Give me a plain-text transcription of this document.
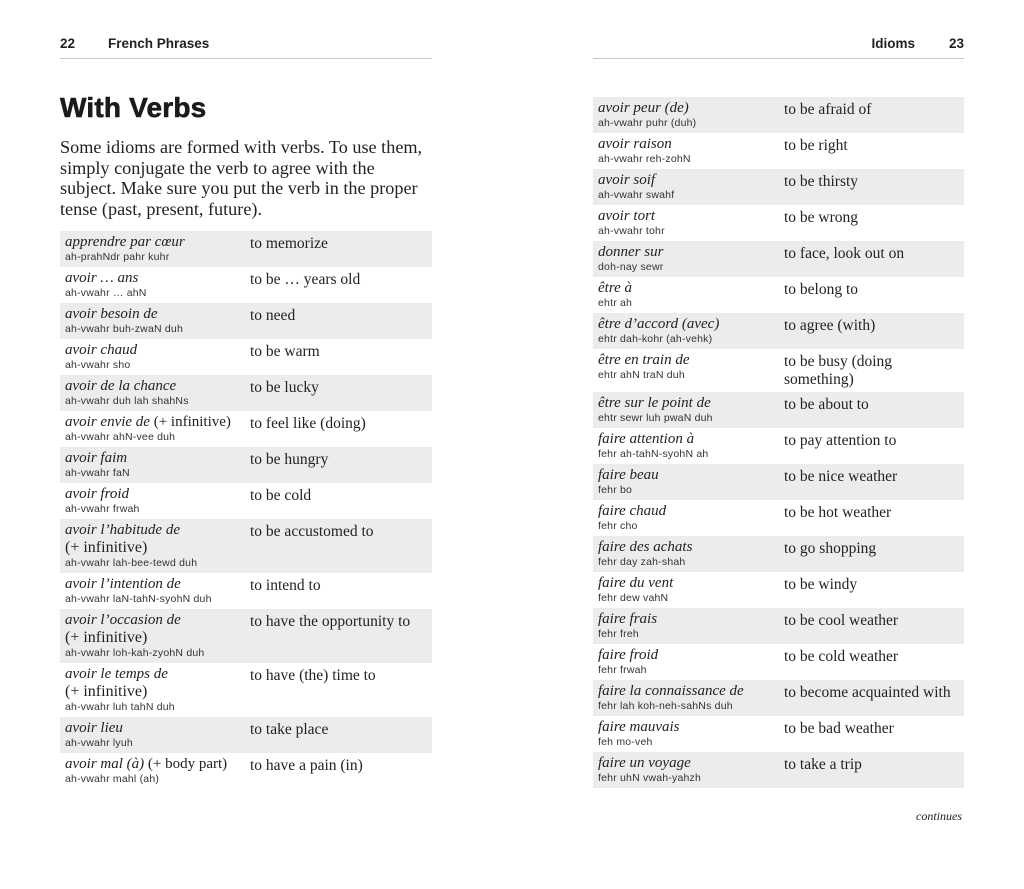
22 French Phrases
With Verbs

Some idioms are formed with verbs. To use them, simply conjugate the verb to agree with the subject. Make sure you put the verb in the proper tense (past, present, future).

apprendre par cœur
ah-prahNdr pahr kuhr
to memorize
avoir … ans
ah-vwahr … ahN
to be … years old
avoir besoin de
ah-vwahr buh-zwaN duh
to need
avoir chaud
ah-vwahr sho
to be warm
avoir de la chance
ah-vwahr duh lah shahNs
to be lucky
avoir envie de (+ infinitive)
ah-vwahr ahN-vee duh
to feel like (doing)
avoir faim
ah-vwahr faN
to be hungry
avoir froid
ah-vwahr frwah
to be cold
avoir l’habitude de
(+ infinitive)
ah-vwahr lah-bee-tewd duh
to be accustomed to
avoir l’intention de
ah-vwahr laN-tahN-syohN duh
to intend to
avoir l’occasion de
(+ infinitive)
ah-vwahr loh-kah-zyohN duh
to have the opportunity to
avoir le temps de
(+ infinitive)
ah-vwahr luh tahN duh
to have (the) time to
avoir lieu
ah-vwahr lyuh
to take place
avoir mal (à) (+ body part)
ah-vwahr mahl (ah)
to have a pain (in)
Idioms	23
avoir peur (de)
ah-vwahr puhr (duh)
to be afraid of
avoir raison
ah-vwahr reh-zohN
to be right
avoir soif
ah-vwahr swahf
to be thirsty
avoir tort
ah-vwahr tohr
to be wrong
donner sur
doh-nay sewr
to face, look out on
être à
ehtr ah
to belong to
être d’accord (avec)
ehtr dah-kohr (ah-vehk)
to agree (with)
être en train de
ehtr ahN traN duh
to be busy (doing something)
être sur le point de
ehtr sewr luh pwaN duh
to be about to
faire attention à
fehr ah-tahN-syohN ah
to pay attention to
faire beau
fehr bo
to be nice weather
faire chaud
fehr cho
to be hot weather
faire des achats
fehr day zah-shah
to go shopping
faire du vent
fehr dew vahN
to be windy
faire frais
fehr freh
to be cool weather
faire froid
fehr frwah
to be cold weather
faire la connaissance de
fehr lah koh-neh-sahNs duh
to become acquainted with
faire mauvais
feh mo-veh
to be bad weather
faire un voyage
fehr uhN vwah-yahzh
to take a trip
continues
